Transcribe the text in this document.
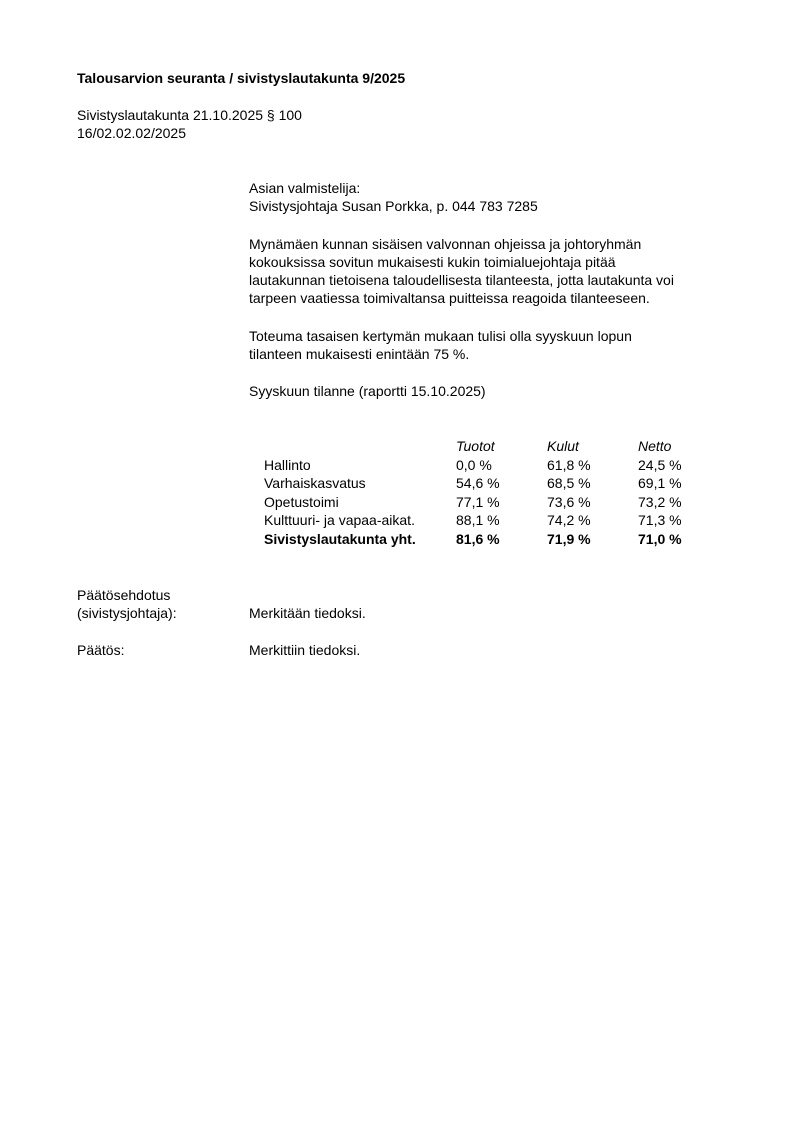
Talousarvion seuranta / sivistyslautakunta 9/2025
Sivistyslautakunta 21.10.2025 § 100
16/02.02.02/2025
Asian valmistelija:
Sivistysjohtaja Susan Porkka, p. 044 783 7285
Mynämäen kunnan sisäisen valvonnan ohjeissa ja johtoryhmän
kokouksissa sovitun mukaisesti kukin toimialuejohtaja pitää
lautakunnan tietoisena taloudellisesta tilanteesta, jotta lautakunta voi
tarpeen vaatiessa toimivaltansa puitteissa reagoida tilanteeseen.
Toteuma tasaisen kertymän mukaan tulisi olla syyskuun lopun
tilanteen mukaisesti enintään 75 %.
Syyskuun tilanne (raportti 15.10.2025)
	Tuotot	Kulut	Netto
Hallinto	0,0 %	61,8 %	24,5 %
Varhaiskasvatus	54,6 %	68,5 %	69,1 %
Opetustoimi	77,1 %	73,6 %	73,2 %
Kulttuuri- ja vapaa-aikat.	88,1 %	74,2 %	71,3 %
Sivistyslautakunta yht.	81,6 %	71,9 %	71,0 %
Päätösehdotus
(sivistysjohtaja):	Merkitään tiedoksi.
Päätös:	Merkittiin tiedoksi.
